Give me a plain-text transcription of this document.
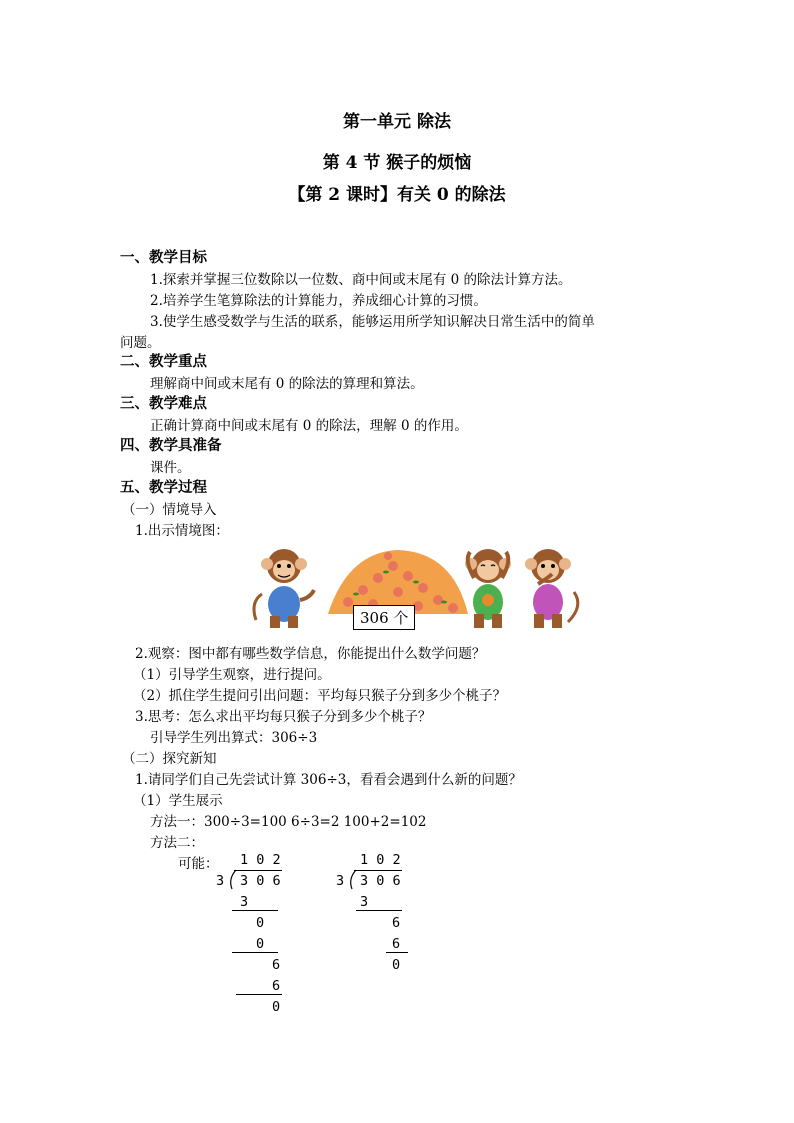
第一单元 除法
第 4 节 猴子的烦恼
【第 2 课时】有关 0 的除法
一、教学目标
1.探索并掌握三位数除以一位数、商中间或末尾有 0 的除法计算方法。
2.培养学生笔算除法的计算能力，养成细心计算的习惯。
3.使学生感受数学与生活的联系，能够运用所学知识解决日常生活中的简单
问题。
二、教学重点
理解商中间或末尾有 0 的除法的算理和算法。
三、教学难点
正确计算商中间或末尾有 0 的除法，理解 0 的作用。
四、教学具准备
课件。
五、教学过程
（一）情境导入
1.出示情境图：
306 个
2.观察：图中都有哪些数学信息，你能提出什么数学问题？
（1）引导学生观察，进行提问。
（2）抓住学生提问引出问题：平均每只猴子分到多少个桃子？
3.思考：怎么求出平均每只猴子分到多少个桃子？
引导学生列出算式：306÷3
（二）探究新知
1.请同学们自己先尝试计算 306÷3，看看会遇到什么新的问题？
（1）学生展示
方法一：300÷3=100 6÷3=2 100+2=102
方法二：
可能： 1 0 2
3 3 0 6
3
0
0
6
6
0
1 0 2
3 3 0 6
3
6
6
0
